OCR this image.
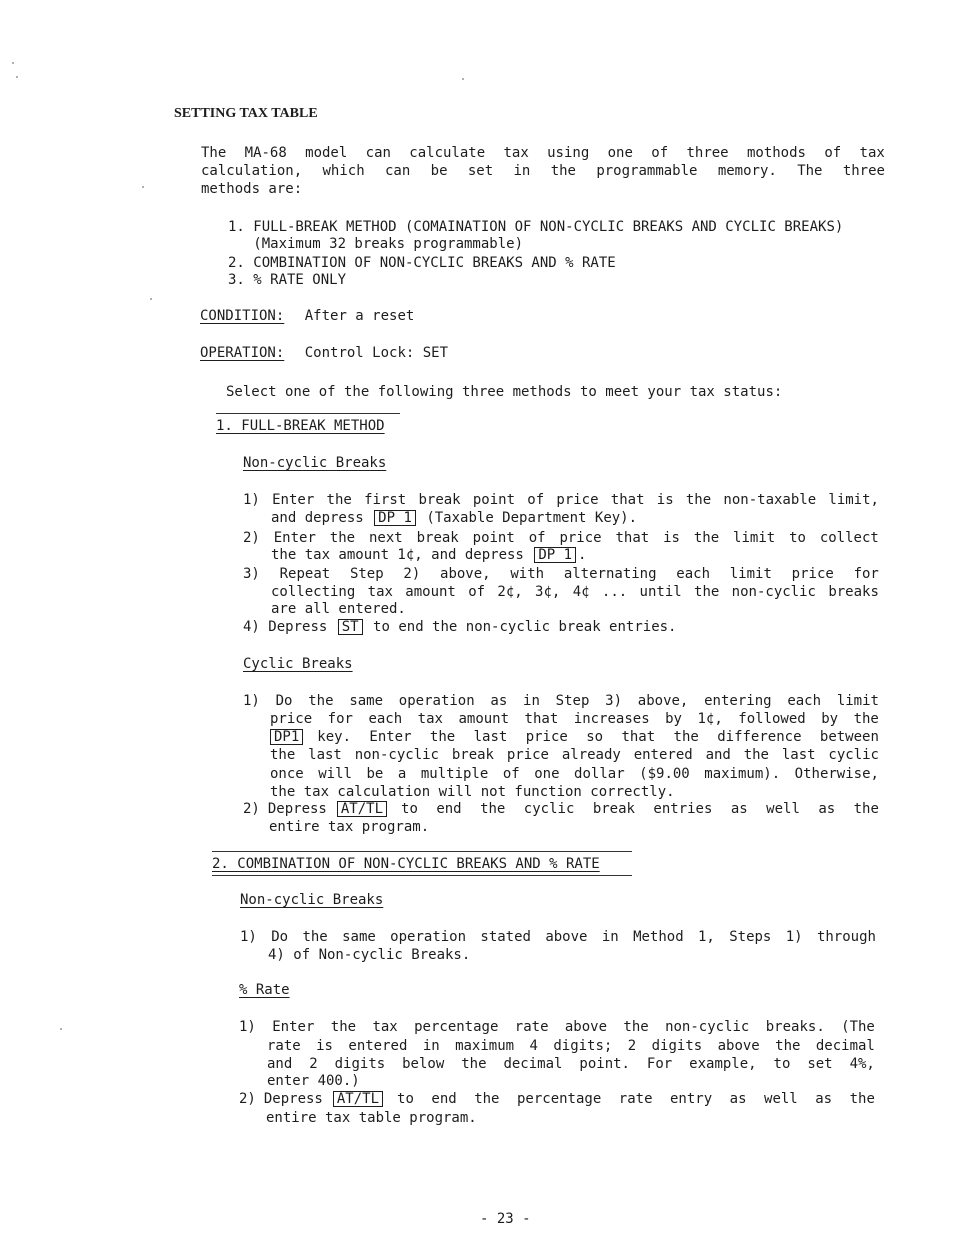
SETTING TAX TABLE
The MA-68 model can calculate tax using one of three mothods of tax
calculation, which can be set in the programmable memory. The three
methods are:
1. FULL-BREAK METHOD (COMAINATION OF NON-CYCLIC BREAKS AND CYCLIC BREAKS)
(Maximum 32 breaks programmable)
2. COMBINATION OF NON-CYCLIC BREAKS AND % RATE
3. % RATE ONLY
CONDITION: After a reset
OPERATION: Control Lock: SET
Select one of the following three methods to meet your tax status:
1. FULL-BREAK METHOD
Non-cyclic Breaks
1) Enter the first break point of price that is the non-taxable limit,
and depress DP 1 (Taxable Department Key).
2) Enter the next break point of price that is the limit to collect
the tax amount 1¢, and depress DP 1 .
3) Repeat Step 2) above, with alternating each limit price for
collecting tax amount of 2¢, 3¢, 4¢ ... until the non-cyclic breaks
are all entered.
4) Depress ST to end the non-cyclic break entries.
Cyclic Breaks
1) Do the same operation as in Step 3) above, entering each limit
price for each tax amount that increases by 1¢, followed by the
DP1 key. Enter the last price so that the difference between
the last non-cyclic break price already entered and the last cyclic
once will be a multiple of one dollar ($9.00 maximum). Otherwise,
the tax calculation will not function correctly.
2) Depress AT/TL to end the cyclic break entries as well as the
entire tax program.
2. COMBINATION OF NON-CYCLIC BREAKS AND % RATE
Non-cyclic Breaks
1) Do the same operation stated above in Method 1, Steps 1) through
4) of Non-cyclic Breaks.
% Rate
1) Enter the tax percentage rate above the non-cyclic breaks. (The
rate is entered in maximum 4 digits; 2 digits above the decimal
and 2 digits below the decimal point. For example, to set 4%,
enter 400.)
2) Depress AT/TL to end the percentage rate entry as well as the
entire tax table program.
- 23 -
